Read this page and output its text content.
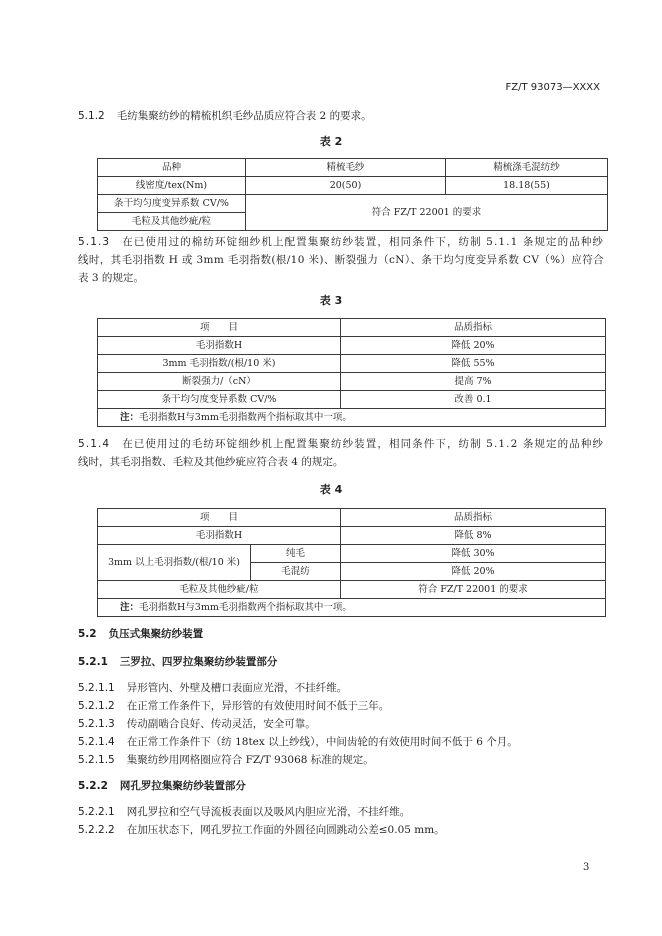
FZ/T 93073—XXXX
5.1.2 毛纺集聚纺纱的精梳机织毛纱品质应符合表 2 的要求。
表 2
品种	精梳毛纱	精梳涤毛混纺纱
线密度/tex(Nm)	20(50)	18.18(55)
条干均匀度变异系数 CV/%	符合 FZ/T 22001 的要求	
毛粒及其他纱疵/粒		
5.1.3 在已使用过的棉纺环锭细纱机上配置集聚纺纱装置，相同条件下，纺制 5.1.1 条规定的品种纱
线时，其毛羽指数 H 或 3mm 毛羽指数(根/10 米)、断裂强力（cN）、条干均匀度变异系数 CV（%）应符合
表 3 的规定。
表 3
项　　目	品质指标
毛羽指数H	降低 20%
3mm 毛羽指数/(根/10 米)	降低 55%
断裂强力/（cN）	提高 7%
条干均匀度变异系数 CV/%	改善 0.1
注：毛羽指数H与3mm毛羽指数两个指标取其中一项。	
5.1.4 在已使用过的毛纺环锭细纱机上配置集聚纺纱装置，相同条件下，纺制 5.1.2 条规定的品种纱
线时，其毛羽指数、毛粒及其他纱疵应符合表 4 的规定。
表 4
项　　目		品质指标
毛羽指数H		降低 8%
3mm 以上毛羽指数/(根/10 米)	纯毛	降低 30%
	毛混纺	降低 20%
毛粒及其他纱疵/粒		符合 FZ/T 22001 的要求
注：毛羽指数H与3mm毛羽指数两个指标取其中一项。		
5.2 负压式集聚纺纱装置
5.2.1 三罗拉、四罗拉集聚纺纱装置部分
5.2.1.1 异形管内、外壁及槽口表面应光滑，不挂纤维。
5.2.1.2 在正常工作条件下，异形管的有效使用时间不低于三年。
5.2.1.3 传动副啮合良好、传动灵活，安全可靠。
5.2.1.4 在正常工作条件下（纺 18tex 以上纱线），中间齿轮的有效使用时间不低于 6 个月。
5.2.1.5 集聚纺纱用网格圈应符合 FZ/T 93068 标准的规定。
5.2.2 网孔罗拉集聚纺纱装置部分
5.2.2.1 网孔罗拉和空气导流板表面以及吸风内胆应光滑，不挂纤维。
5.2.2.2 在加压状态下，网孔罗拉工作面的外圆径向圆跳动公差≤0.05 mm。
3
